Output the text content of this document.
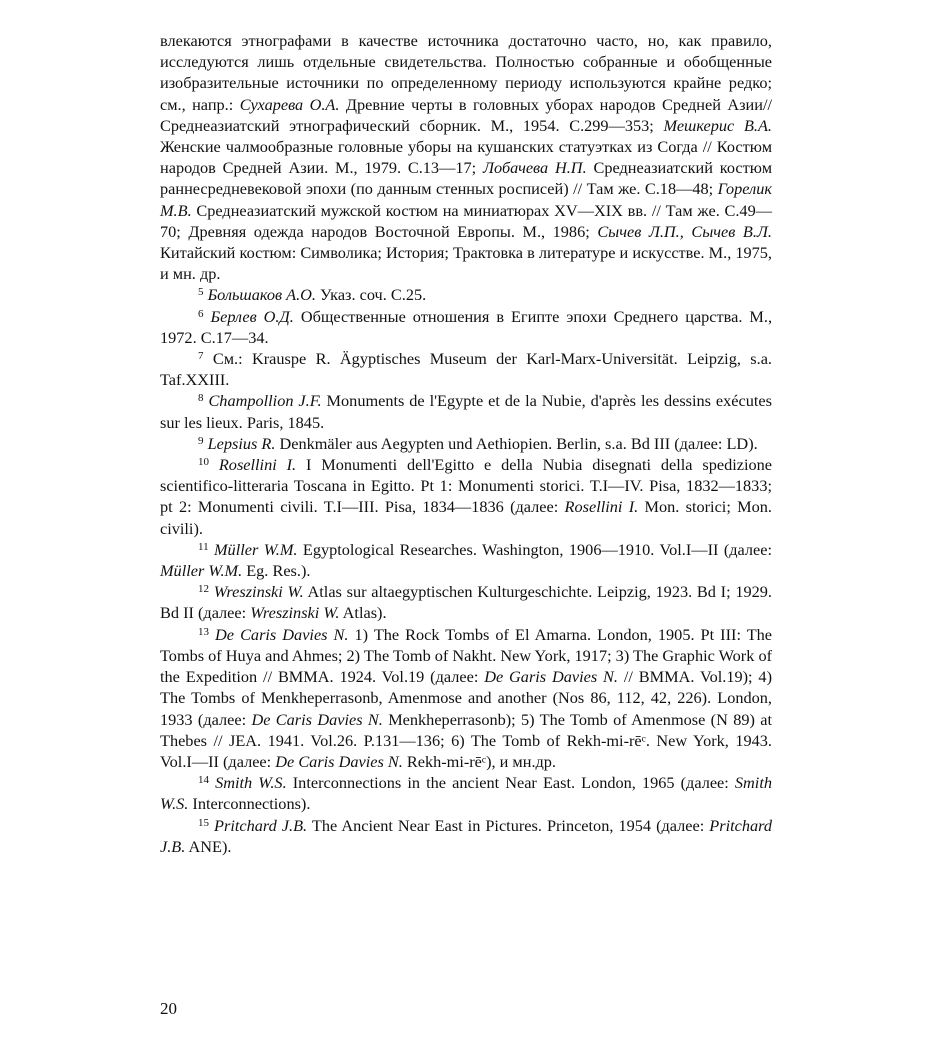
влекаются этнографами в качестве источника достаточно часто, но, как правило, исследуются лишь отдельные свидетельства. Полностью собранные и обобщенные изобразительные источники по определенному периоду используются крайне редко; см., напр.: Сухарева О.А. Древние черты в головных уборах народов Средней Азии// Среднеазиатский этнографический сборник. М., 1954. С.299—353; Мешкерис В.А. Женские чалмообразные головные уборы на кушанских статуэтках из Согда // Костюм народов Средней Азии. М., 1979. С.13—17; Лобачева Н.П. Среднеазиатский костюм раннесредневековой эпохи (по данным стенных росписей) // Там же. С.18—48; Горелик М.В. Среднеазиатский мужской костюм на миниатюрах XV—XIX вв. // Там же. С.49—70; Древняя одежда народов Восточной Европы. М., 1986; Сычев Л.П., Сычев В.Л. Китайский костюм: Символика; История; Трактовка в литературе и искусстве. М., 1975, и мн. др.

$^5$ Большаков А.О. Указ. соч. С.25.

$^6$ Берлев О.Д. Общественные отношения в Египте эпохи Среднего царства. М., 1972. С.17—34.

$^7$ См.: Krauspe R. Ägyptisches Museum der Karl-Marx-Universität. Leipzig, s.a. Taf.XXIII.

$^8$ Champollion J.F. Monuments de l'Egypte et de la Nubie, d'après les dessins exécutes sur les lieux. Paris, 1845.

$^9$ Lepsius R. Denkmäler aus Aegypten und Aethiopien. Berlin, s.a. Bd III (далее: LD).

$^{10}$ Rosellini I. I Monumenti dell'Egitto e della Nubia disegnati della spedizione scientifico-litteraria Toscana in Egitto. Pt 1: Monumenti storici. T.I—IV. Pisa, 1832—1833; pt 2: Monumenti civili. T.I—III. Pisa, 1834—1836 (далее: Rosellini I. Mon. storici; Mon. civili).

$^{11}$ Müller W.M. Egyptological Researches. Washington, 1906—1910. Vol.I—II (далее: Müller W.M. Eg. Res.).

$^{12}$ Wreszinski W. Atlas sur altaegyptischen Kulturgeschichte. Leipzig, 1923. Bd I; 1929. Bd II (далее: Wreszinski W. Atlas).

$^{13}$ De Caris Davies N. 1) The Rock Tombs of El Amarna. London, 1905. Pt III: The Tombs of Huya and Ahmes; 2) The Tomb of Nakht. New York, 1917; 3) The Graphic Work of the Expedition // BMMA. 1924. Vol.19 (далее: De Garis Davies N. // BMMA. Vol.19); 4) The Tombs of Menkheperrasonb, Amenmose and another (Nos 86, 112, 42, 226). London, 1933 (далее: De Caris Davies N. Menkheperrasonb); 5) The Tomb of Amenmose (N 89) at Thebes // JEA. 1941. Vol.26. P.131—136; 6) The Tomb of Rekh-mi-rēᶜ. New York, 1943. Vol.I—II (далее: De Caris Davies N. Rekh-mi-rēᶜ), и мн.др.

$^{14}$ Smith W.S. Interconnections in the ancient Near East. London, 1965 (далее: Smith W.S. Interconnections).

$^{15}$ Pritchard J.B. The Ancient Near East in Pictures. Princeton, 1954 (далее: Pritchard J.B. ANE).

20
